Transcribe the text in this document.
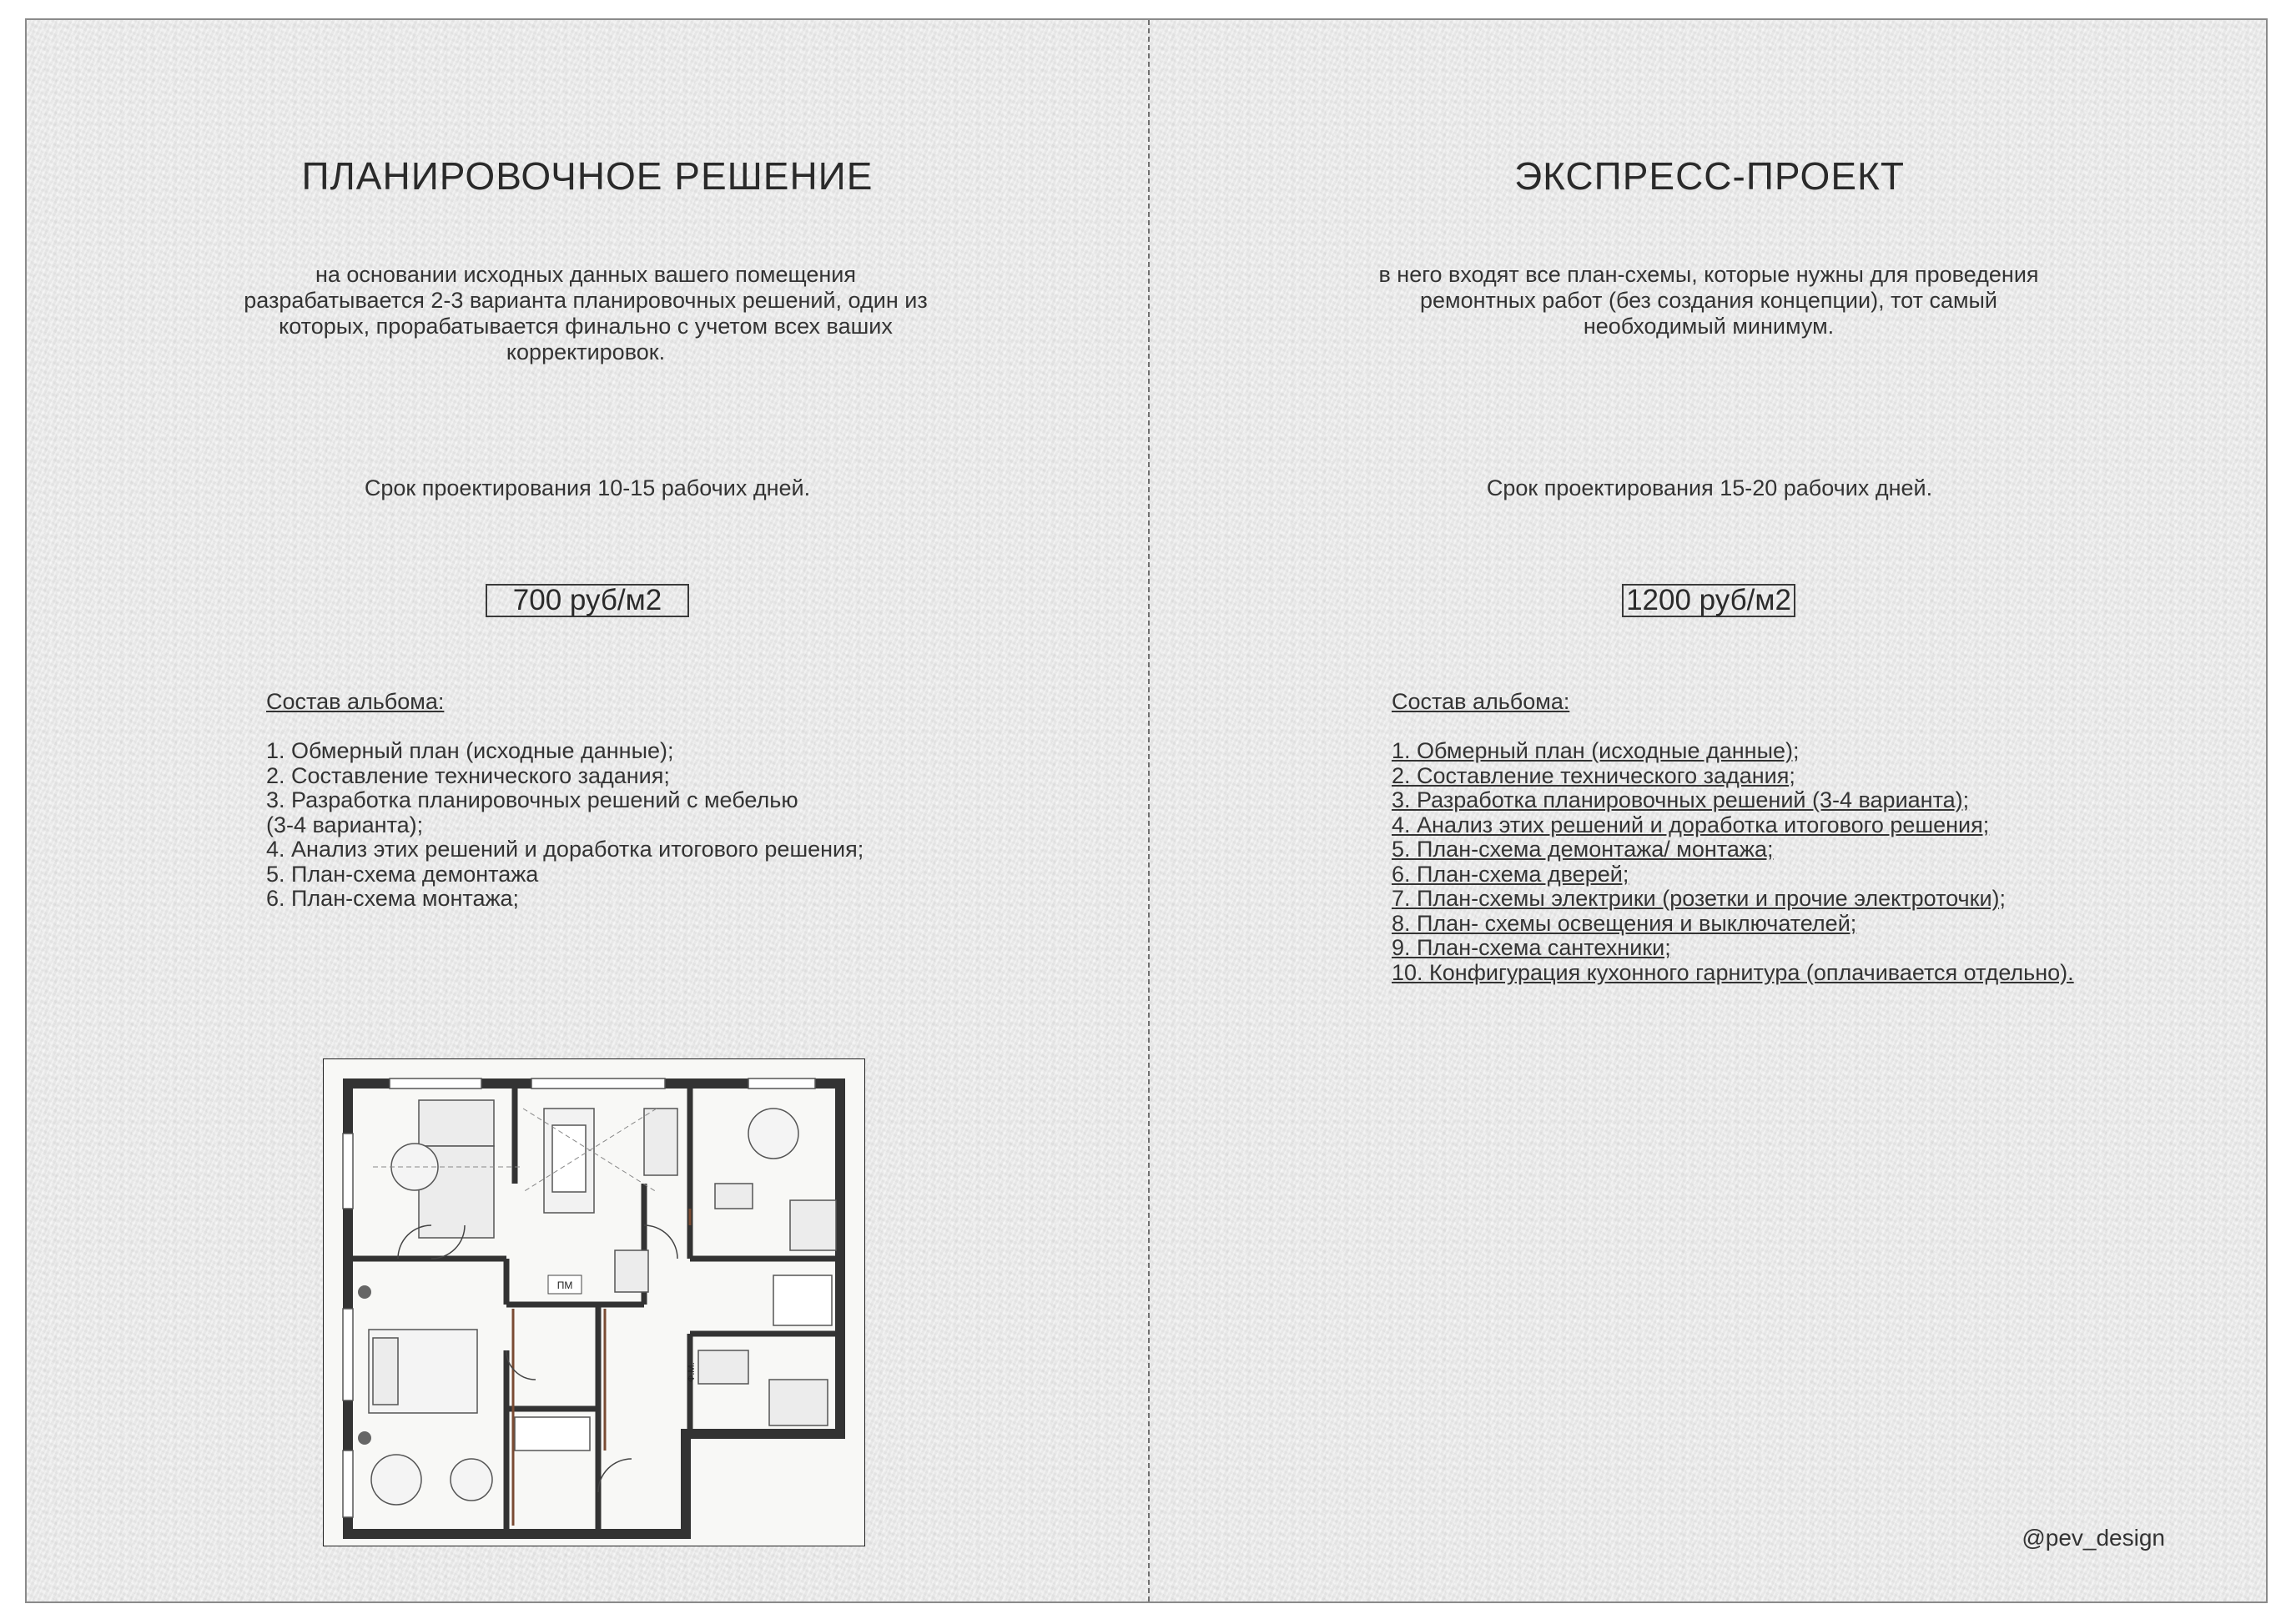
ПЛАНИРОВОЧНОЕ РЕШЕНИЕ
на основании исходных данных вашего помещения разрабатывается 2-3 варианта планировочных решений, один из которых, прорабатывается финально с учетом всех ваших корректировок.
Срок проектирования 10-15 рабочих дней.
700 руб/м2
Состав альбома:
1. Обмерный план (исходные данные);
2. Составление технического задания;
3. Разработка планировочных решений с мебелью
(3-4 варианта);
4. Анализ этих решений и доработка итогового решения;
5. План-схема демонтажа
6. План-схема монтажа;
ПМ
Ф.М.
ЭКСПРЕСС-ПРОЕКТ
в него входят все план-схемы, которые нужны для проведения ремонтных работ (без создания концепции), тот самый необходимый минимум.
Срок проектирования 15-20 рабочих дней.
1200 руб/м2
Состав альбома:
1. Обмерный план (исходные данные);
2. Составление технического задания;
3. Разработка планировочных решений (3-4 варианта);
4. Анализ этих решений и доработка итогового решения;
5. План-схема демонтажа/ монтажа;
6. План-схема дверей;
7. План-схемы электрики (розетки и прочие электроточки);
8. План- схемы освещения и выключателей;
9. План-схема сантехники;
10. Конфигурация кухонного гарнитура (оплачивается отдельно).
@pev_design
